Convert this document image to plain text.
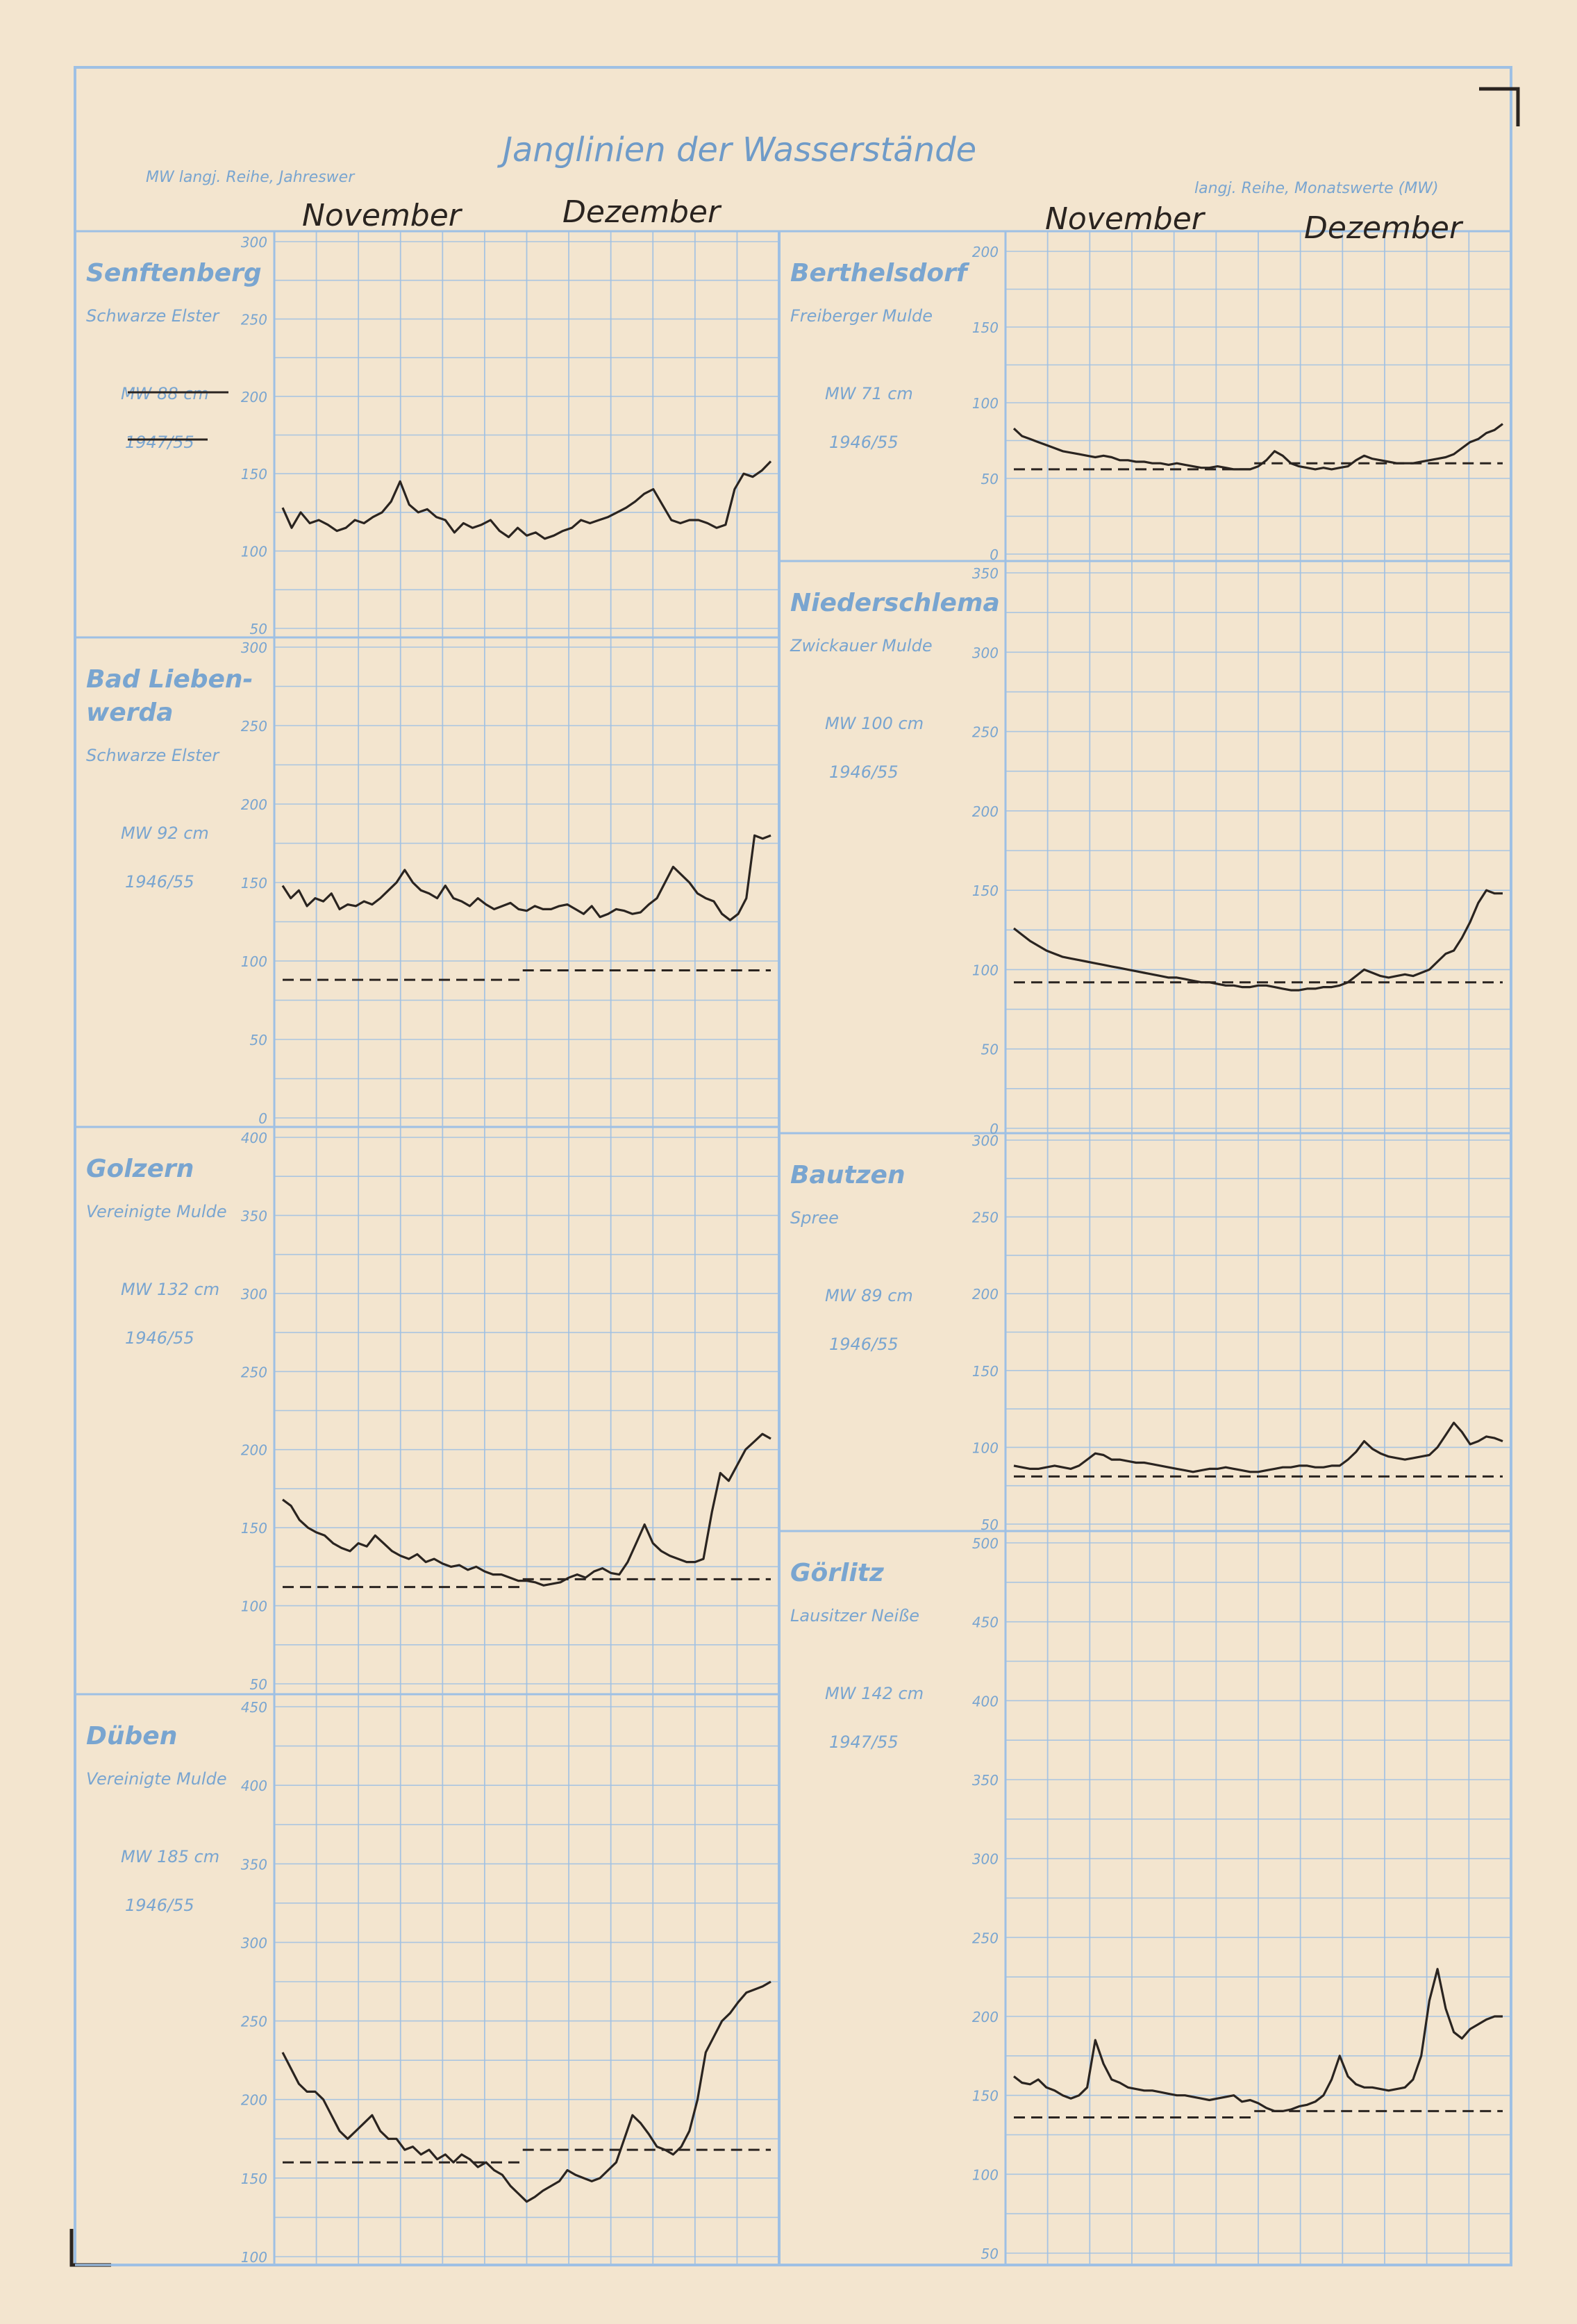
50
100
150
200
250
300
Senftenberg
Schwarze Elster
MW 88 cm
1947/55
0
50
100
150
200
250
300
Bad Lieben-
werda
Schwarze Elster
MW 92 cm
1946/55
50
100
150
200
250
300
350
400
Golzern
Vereinigte Mulde
MW 132 cm
1946/55
100
150
200
250
300
350
400
450
Düben
Vereinigte Mulde
MW 185 cm
1946/55
0
50
100
150
200
Berthelsdorf
Freiberger Mulde
MW 71 cm
1946/55
0
50
100
150
200
250
300
350
Niederschlema
Zwickauer Mulde
MW 100 cm
1946/55
50
100
150
200
250
300
Bautzen
Spree
MW 89 cm
1946/55
50
100
150
200
250
300
350
400
450
500
Görlitz
Lausitzer Neiße
MW 142 cm
1947/55
Janglinien der Wasserstände
MW langj. Reihe, Jahreswer
langj. Reihe, Monatswerte (MW)
November	Dezember	November	Dezember
